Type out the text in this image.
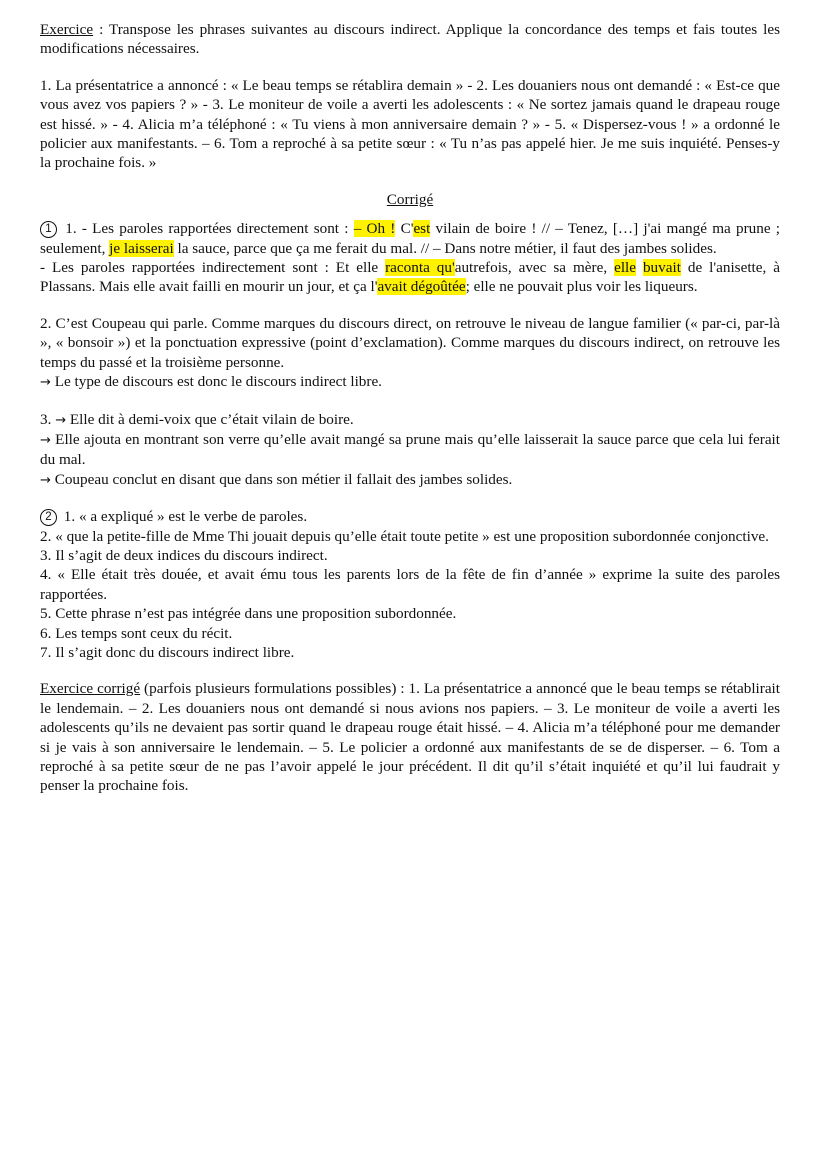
Exercice : Transpose les phrases suivantes au discours indirect. Applique la concordance des temps et fais toutes les modifications nécessaires.

1. La présentatrice a annoncé : « Le beau temps se rétablira demain » - 2. Les douaniers nous ont demandé : « Est-ce que vous avez vos papiers ? » - 3. Le moniteur de voile a averti les adolescents : « Ne sortez jamais quand le drapeau rouge est hissé. » - 4. Alicia m’a téléphoné : « Tu viens à mon anniversaire demain ? » - 5. « Dispersez-vous ! » a ordonné le policier aux manifestants. – 6. Tom a reproché à sa petite sœur : « Tu n’as pas appelé hier. Je me suis inquiété. Penses-y la prochaine fois. »

Corrigé

1 1. - Les paroles rapportées directement sont : – Oh ! C'est vilain de boire ! // – Tenez, […] j'ai mangé ma prune ; seulement, je laisserai la sauce, parce que ça me ferait du mal. // – Dans notre métier, il faut des jambes solides.

- Les paroles rapportées indirectement sont : Et elle raconta qu'autrefois, avec sa mère, elle buvait de l'anisette, à Plassans. Mais elle avait failli en mourir un jour, et ça l'avait dégoûtée; elle ne pouvait plus voir les liqueurs.

2. C’est Coupeau qui parle. Comme marques du discours direct, on retrouve le niveau de langue familier (« par-ci, par-là », « bonsoir ») et la ponctuation expressive (point d’exclamation). Comme marques du discours indirect, on retrouve les temps du passé et la troisième personne.

→ Le type de discours est donc le discours indirect libre.

3. → Elle dit à demi-voix que c’était vilain de boire.

→ Elle ajouta en montrant son verre qu’elle avait mangé sa prune mais qu’elle laisserait la sauce parce que cela lui ferait du mal.

→ Coupeau conclut en disant que dans son métier il fallait des jambes solides.

2 1. « a expliqué » est le verbe de paroles.

2. « que la petite-fille de Mme Thi jouait depuis qu’elle était toute petite » est une proposition subordonnée conjonctive.

3. Il s’agit de deux indices du discours indirect.

4. « Elle était très douée, et avait ému tous les parents lors de la fête de fin d’année » exprime la suite des paroles rapportées.

5. Cette phrase n’est pas intégrée dans une proposition subordonnée.

6. Les temps sont ceux du récit.

7. Il s’agit donc du discours indirect libre.

Exercice corrigé (parfois plusieurs formulations possibles) : 1. La présentatrice a annoncé que le beau temps se rétablirait le lendemain. – 2. Les douaniers nous ont demandé si nous avions nos papiers. – 3. Le moniteur de voile a averti les adolescents qu’ils ne devaient pas sortir quand le drapeau rouge était hissé. – 4. Alicia m’a téléphoné pour me demander si je vais à son anniversaire le lendemain. – 5. Le policier a ordonné aux manifestants de se de disperser. – 6. Tom a reproché à sa petite sœur de ne pas l’avoir appelé le jour précédent. Il dit qu’il s’était inquiété et qu’il lui faudrait y penser la prochaine fois.
